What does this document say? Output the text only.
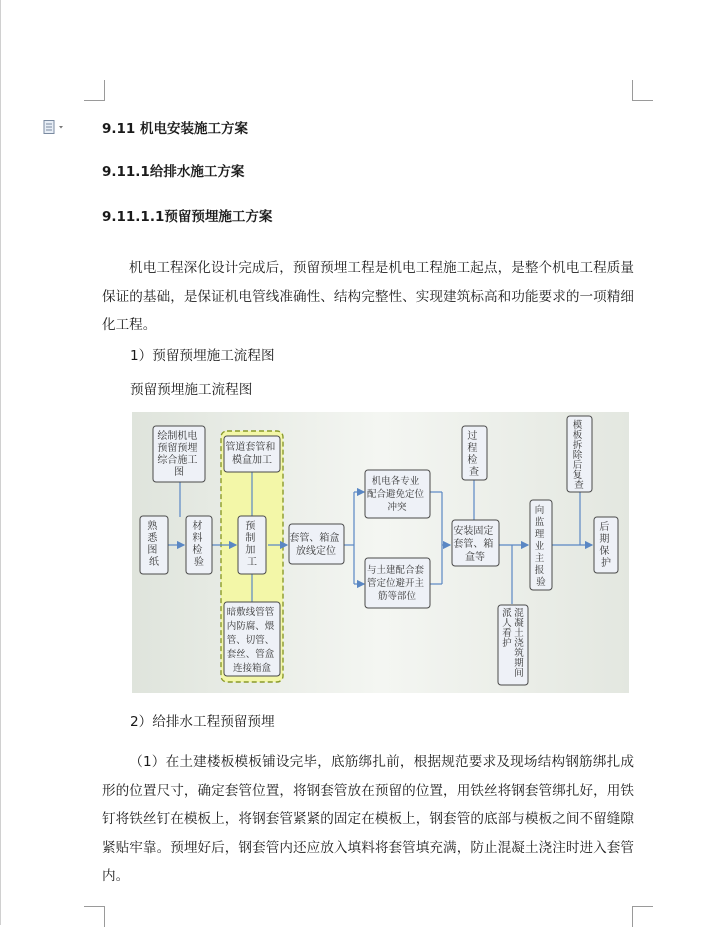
9.11 机电安装施工方案
9.11.1给排水施工方案
9.11.1.1预留预埋施工方案
机电工程深化设计完成后，预留预埋工程是机电工程施工起点，是整个机电工程质量保证的基础，是保证机电管线准确性、结构完整性、实现建筑标高和功能要求的一项精细化工程。
1）预留预埋施工流程图
预留预埋施工流程图
绘制机电 预留预埋 综合施工 图
熟 悉 图 纸
材 料 检 验
管道套管和 模盒加工
预 制 加 工
暗敷线管管 内防腐、煨 管、切管、 套丝、管盒 连接箱盒
套管、箱盒 放线定位
机电各专业 配合避免定位 冲突
与土建配合套 管定位避开主 筋等部位
过 程 检 查
安装固定 套管、箱 盒等
向 监 理 业 主 报 验
模 板 拆 除 后 复 查
后 期 保 护
混凝土浇筑期间
派人看护
2）给排水工程预留预埋
（1）在土建楼板模板铺设完毕，底筋绑扎前，根据规范要求及现场结构钢筋绑扎成形的位置尺寸，确定套管位置，将钢套管放在预留的位置，用铁丝将钢套管绑扎好，用铁钉将铁丝钉在模板上，将钢套管紧紧的固定在模板上，钢套管的底部与模板之间不留缝隙紧贴牢靠。预埋好后，钢套管内还应放入填料将套管填充满，防止混凝土浇注时进入套管内。
